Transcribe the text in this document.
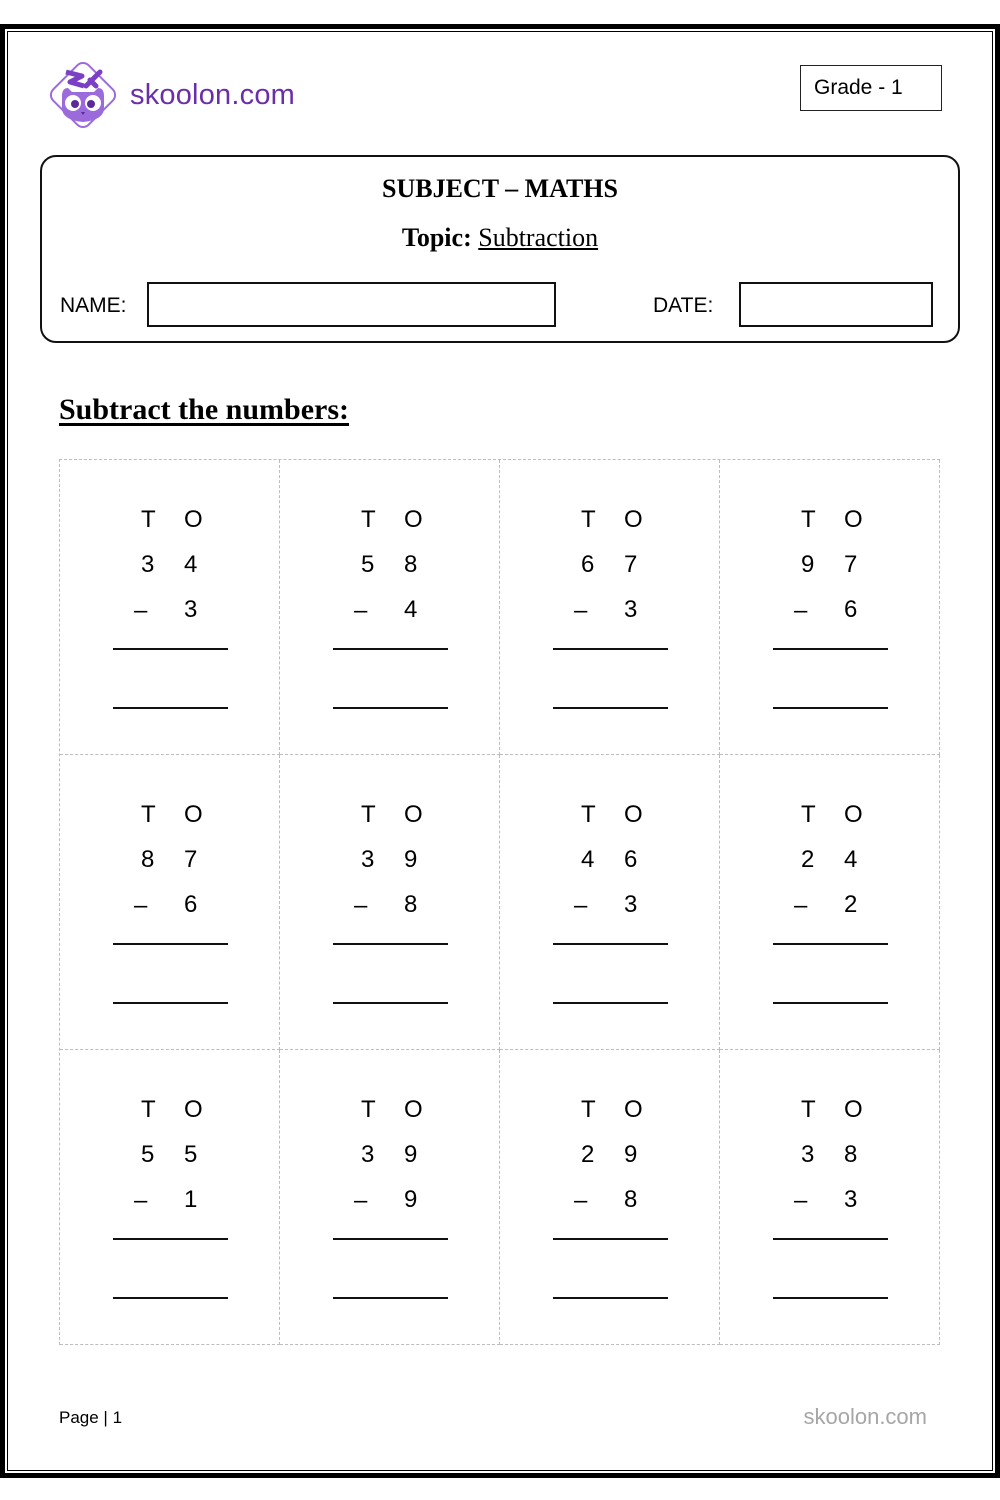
skoolon.com	Grade - 1
SUBJECT – MATHS
Topic: Subtraction
NAME:	DATE:
Subtract the numbers:
T O
3 4
– 3
T O
5 8
– 4
T O
6 7
– 3
T O
9 7
– 6
T O
8 7
– 6
T O
3 9
– 8
T O
4 6
– 3
T O
2 4
– 2
T O
5 5
– 1
T O
3 9
– 9
T O
2 9
– 8
T O
3 8
– 3
Page | 1	skoolon.com
